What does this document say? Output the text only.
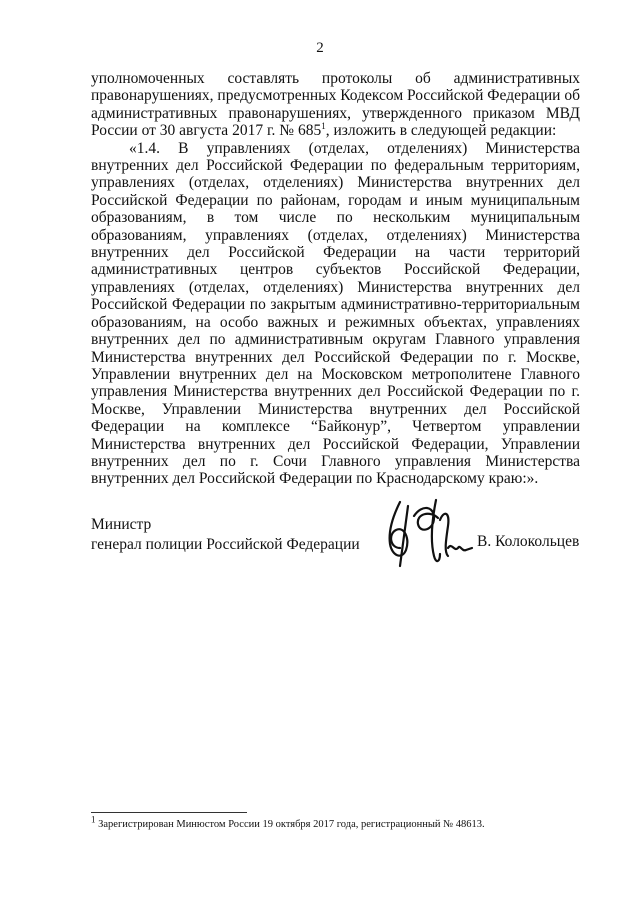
2

уполномоченных составлять протоколы об административных правонарушениях, предусмотренных Кодексом Российской Федерации об административных правонарушениях, утвержденного приказом МВД России от 30 августа 2017 г. № $685^1$, изложить в следующей редакции:

«1.4. В управлениях (отделах, отделениях) Министерства внутренних дел Российской Федерации по федеральным территориям, управлениях (отделах, отделениях) Министерства внутренних дел Российской Федерации по районам, городам и иным муниципальным образованиям, в том числе по нескольким муниципальным образованиям, управлениях (отделах, отделениях) Министерства внутренних дел Российской Федерации на части территорий административных центров субъектов Российской Федерации, управлениях (отделах, отделениях) Министерства внутренних дел Российской Федерации по закрытым административно-территориальным образованиям, на особо важных и режимных объектах, управлениях внутренних дел по административным округам Главного управления Министерства внутренних дел Российской Федерации по г. Москве, Управлении внутренних дел на Московском метрополитене Главного управления Министерства внутренних дел Российской Федерации по г. Москве, Управлении Министерства внутренних дел Российской Федерации на комплексе “Байконур”, Четвертом управлении Министерства внутренних дел Российской Федерации, Управлении внутренних дел по г. Сочи Главного управления Министерства внутренних дел Российской Федерации по Краснодарскому краю:».

Министр
генерал полиции Российской Федерации	В. Колокольцев
$^1$ Зарегистрирован Минюстом России 19 октября 2017 года, регистрационный № 48613.
